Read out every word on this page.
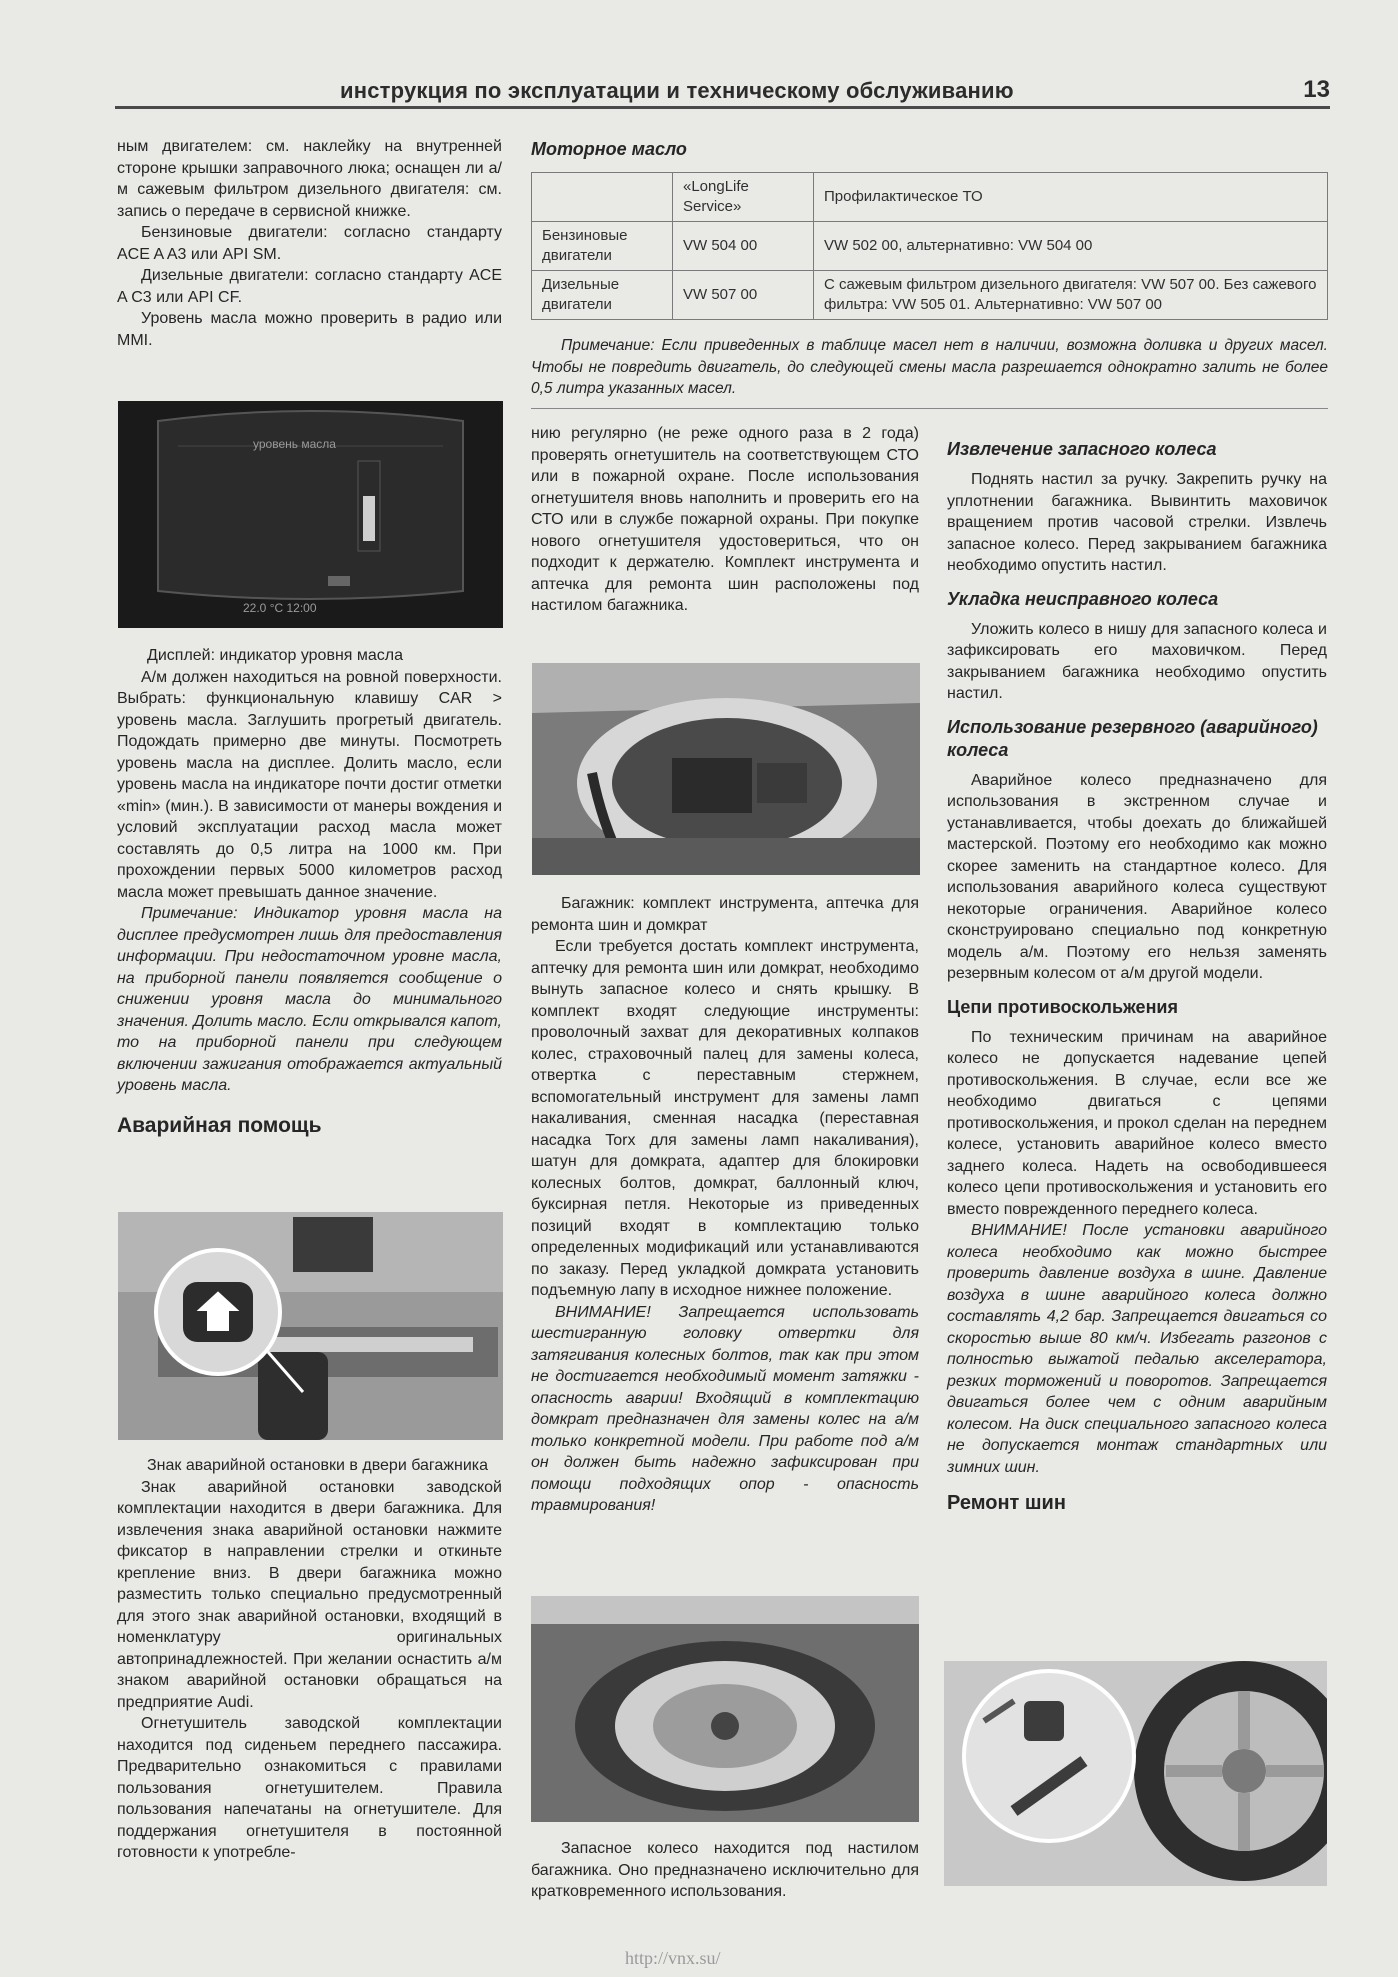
инструкция по эксплуатации и техническому обслуживанию	13

ным двигателем: см. наклейку на внутренней стороне крышки заправочного люка; оснащен ли а/м сажевым фильтром дизельного двигателя: см. запись о передаче в сервисной книжке.

Бензиновые двигатели: согласно стандарту ACE A A3 или API SM.

Дизельные двигатели: согласно стандарту ACE A C3 или API CF.

Уровень масла можно проверить в радио или MMI.

уровень масла
22.0 °C 12:00

Дисплей: индикатор уровня масла

А/м должен находиться на ровной поверхности. Выбрать: функциональную клавишу CAR > уровень масла. Заглушить прогретый двигатель. Подождать примерно две минуты. Посмотреть уровень масла на дисплее. Долить масло, если уровень масла на индикаторе почти достиг отметки «min» (мин.). В зависимости от манеры вождения и условий эксплуатации расход масла может составлять до 0,5 литра на 1000 км. При прохождении первых 5000 километров расход масла может превышать данное значение.

Примечание: Индикатор уровня масла на дисплее предусмотрен лишь для предоставления информации. При недостаточном уровне масла, на приборной панели появляется сообщение о снижении уровня масла до минимального значения. Долить масло. Если открывался капот, то на приборной панели при следующем включении зажигания отображается актуальный уровень масла.

Аварийная помощь

Знак аварийной остановки в двери багажника

Знак аварийной остановки заводской комплектации находится в двери багажника. Для извлечения знака аварийной остановки нажмите фиксатор в направлении стрелки и откиньте крепление вниз. В двери багажника можно разместить только специально предусмотренный для этого знак аварийной остановки, входящий в номенклатуру оригинальных автопринадлежностей. При желании оснастить а/м знаком аварийной остановки обращаться на предприятие Audi.

Огнетушитель заводской комплектации находится под сиденьем переднего пассажира. Предварительно ознакомиться с правилами пользования огнетушителем. Правила пользования напечатаны на огнетушителе. Для поддержания огнетушителя в постоянной готовности к употребле-

Моторное масло
	«LongLife Service»	Профилактическое ТО
Бензиновые двигатели	VW 504 00	VW 502 00, альтернативно: VW 504 00
Дизельные двигатели	VW 507 00	С сажевым фильтром дизельного двигателя: VW 507 00. Без сажевого фильтра: VW 505 01. Альтернативно: VW 507 00

Примечание: Если приведенных в таблице масел нет в наличии, возможна доливка и других масел. Чтобы не повредить двигатель, до следующей смены масла разрешается однократно залить не более 0,5 литра указанных масел.

нию регулярно (не реже одного раза в 2 года) проверять огнетушитель на соответствующем СТО или в пожарной охране. После использования огнетушителя вновь наполнить и проверить его на СТО или в службе пожарной охраны. При покупке нового огнетушителя удостовериться, что он подходит к держателю. Комплект инструмента и аптечка для ремонта шин расположены под настилом багажника.

Багажник: комплект инструмента, аптечка для ремонта шин и домкрат

Если требуется достать комплект инструмента, аптечку для ремонта шин или домкрат, необходимо вынуть запасное колесо и снять крышку. В комплект входят следующие инструменты: проволочный захват для декоративных колпаков колес, страховочный палец для замены колеса, отвертка с переставным стержнем, вспомогательный инструмент для замены ламп накаливания, сменная насадка (переставная насадка Torx для замены ламп накаливания), шатун для домкрата, адаптер для блокировки колесных болтов, домкрат, баллонный ключ, буксирная петля. Некоторые из приведенных позиций входят в комплектацию только определенных модификаций или устанавливаются по заказу. Перед укладкой домкрата установить подъемную лапу в исходное нижнее положение.

ВНИМАНИЕ! Запрещается использовать шестигранную головку отвертки для затягивания колесных болтов, так как при этом не достигается необходимый момент затяжки - опасность аварии! Входящий в комплектацию домкрат предназначен для замены колес на а/м только конкретной модели. При работе под а/м он должен быть надежно зафиксирован при помощи подходящих опор - опасность травмирования!

Запасное колесо находится под настилом багажника. Оно предназначено исключительно для кратковременного использования.

Извлечение запасного колеса

Поднять настил за ручку. Закрепить ручку на уплотнении багажника. Вывинтить маховичок вращением против часовой стрелки. Извлечь запасное колесо. Перед закрыванием багажника необходимо опустить настил.

Укладка неисправного колеса

Уложить колесо в нишу для запасного колеса и зафиксировать его маховичком. Перед закрыванием багажника необходимо опустить настил.

Использование резервного (аварийного) колеса

Аварийное колесо предназначено для использования в экстренном случае и устанавливается, чтобы доехать до ближайшей мастерской. Поэтому его необходимо как можно скорее заменить на стандартное колесо. Для использования аварийного колеса существуют некоторые ограничения. Аварийное колесо сконструировано специально под конкретную модель а/м. Поэтому его нельзя заменять резервным колесом от а/м другой модели.

Цепи противоскольжения

По техническим причинам на аварийное колесо не допускается надевание цепей противоскольжения. В случае, если все же необходимо двигаться с цепями противоскольжения, и прокол сделан на переднем колесе, установить аварийное колесо вместо заднего колеса. Надеть на освободившееся колесо цепи противоскольжения и установить его вместо поврежденного переднего колеса.

ВНИМАНИЕ! После установки аварийного колеса необходимо как можно быстрее проверить давление воздуха в шине. Давление воздуха в шине аварийного колеса должно составлять 4,2 бар. Запрещается двигаться со скоростью выше 80 км/ч. Избегать разгонов с полностью выжатой педалью акселератора, резких торможений и поворотов. Запрещается двигаться более чем с одним аварийным колесом. На диск специального запасного колеса не допускается монтаж стандартных или зимних шин.

Ремонт шин
http://vnx.su/
